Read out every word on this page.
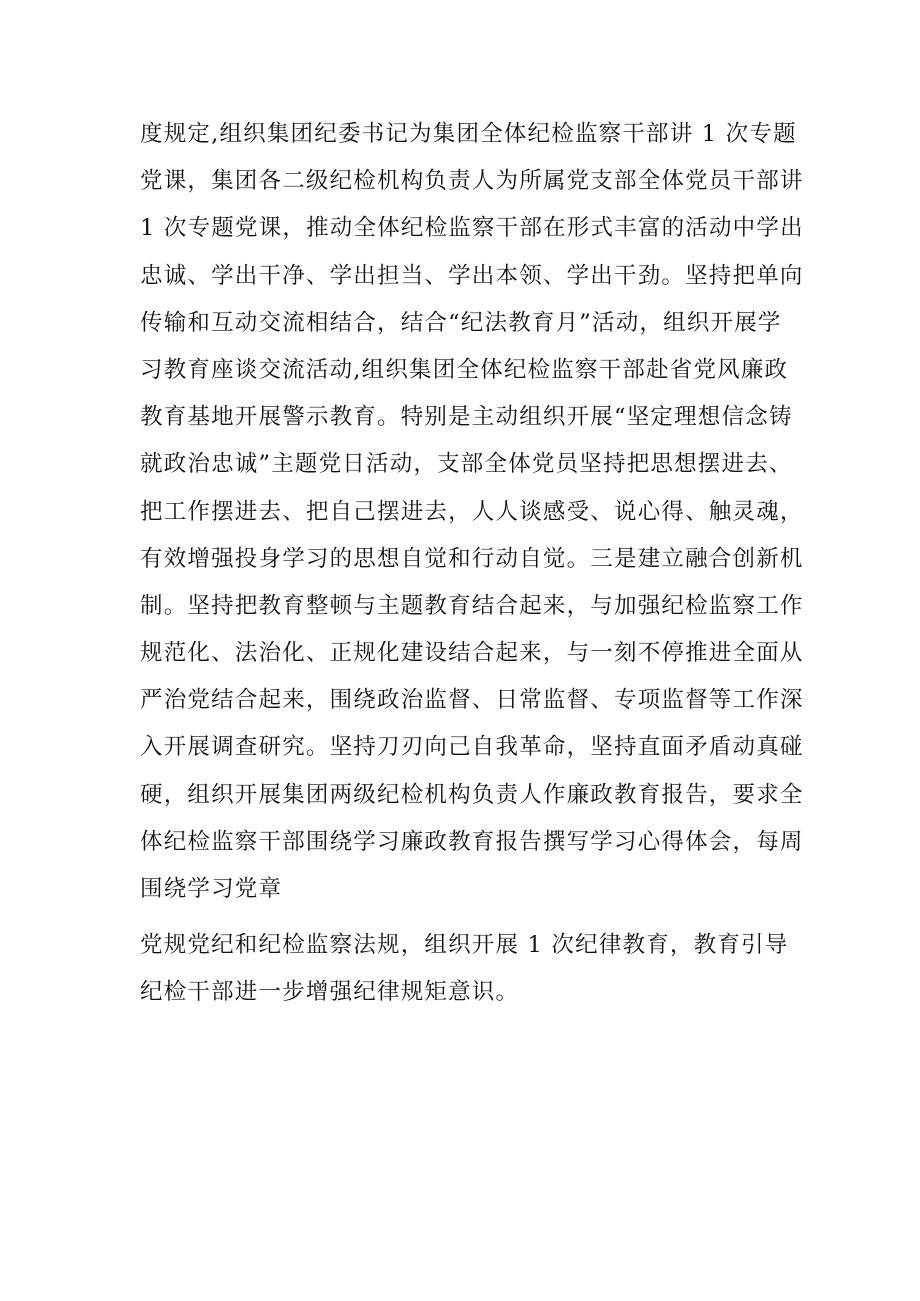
度规定,组织集团纪委书记为集团全体纪检监察干部讲 1 次专题
党课，集团各二级纪检机构负责人为所属党支部全体党员干部讲
1 次专题党课，推动全体纪检监察干部在形式丰富的活动中学出
忠诚、学出干净、学出担当、学出本领、学出干劲。坚持把单向
传输和互动交流相结合，结合“纪法教育月”活动，组织开展学
习教育座谈交流活动,组织集团全体纪检监察干部赴省党风廉政
教育基地开展警示教育。特别是主动组织开展“坚定理想信念铸
就政治忠诚”主题党日活动，支部全体党员坚持把思想摆进去、
把工作摆进去、把自己摆进去，人人谈感受、说心得、触灵魂，
有效增强投身学习的思想自觉和行动自觉。三是建立融合创新机
制。坚持把教育整顿与主题教育结合起来，与加强纪检监察工作
规范化、法治化、正规化建设结合起来，与一刻不停推进全面从
严治党结合起来，围绕政治监督、日常监督、专项监督等工作深
入开展调查研究。坚持刀刃向己自我革命，坚持直面矛盾动真碰
硬，组织开展集团两级纪检机构负责人作廉政教育报告，要求全
体纪检监察干部围绕学习廉政教育报告撰写学习心得体会，每周
围绕学习党章
党规党纪和纪检监察法规，组织开展 1 次纪律教育，教育引导
纪检干部进一步增强纪律规矩意识。
